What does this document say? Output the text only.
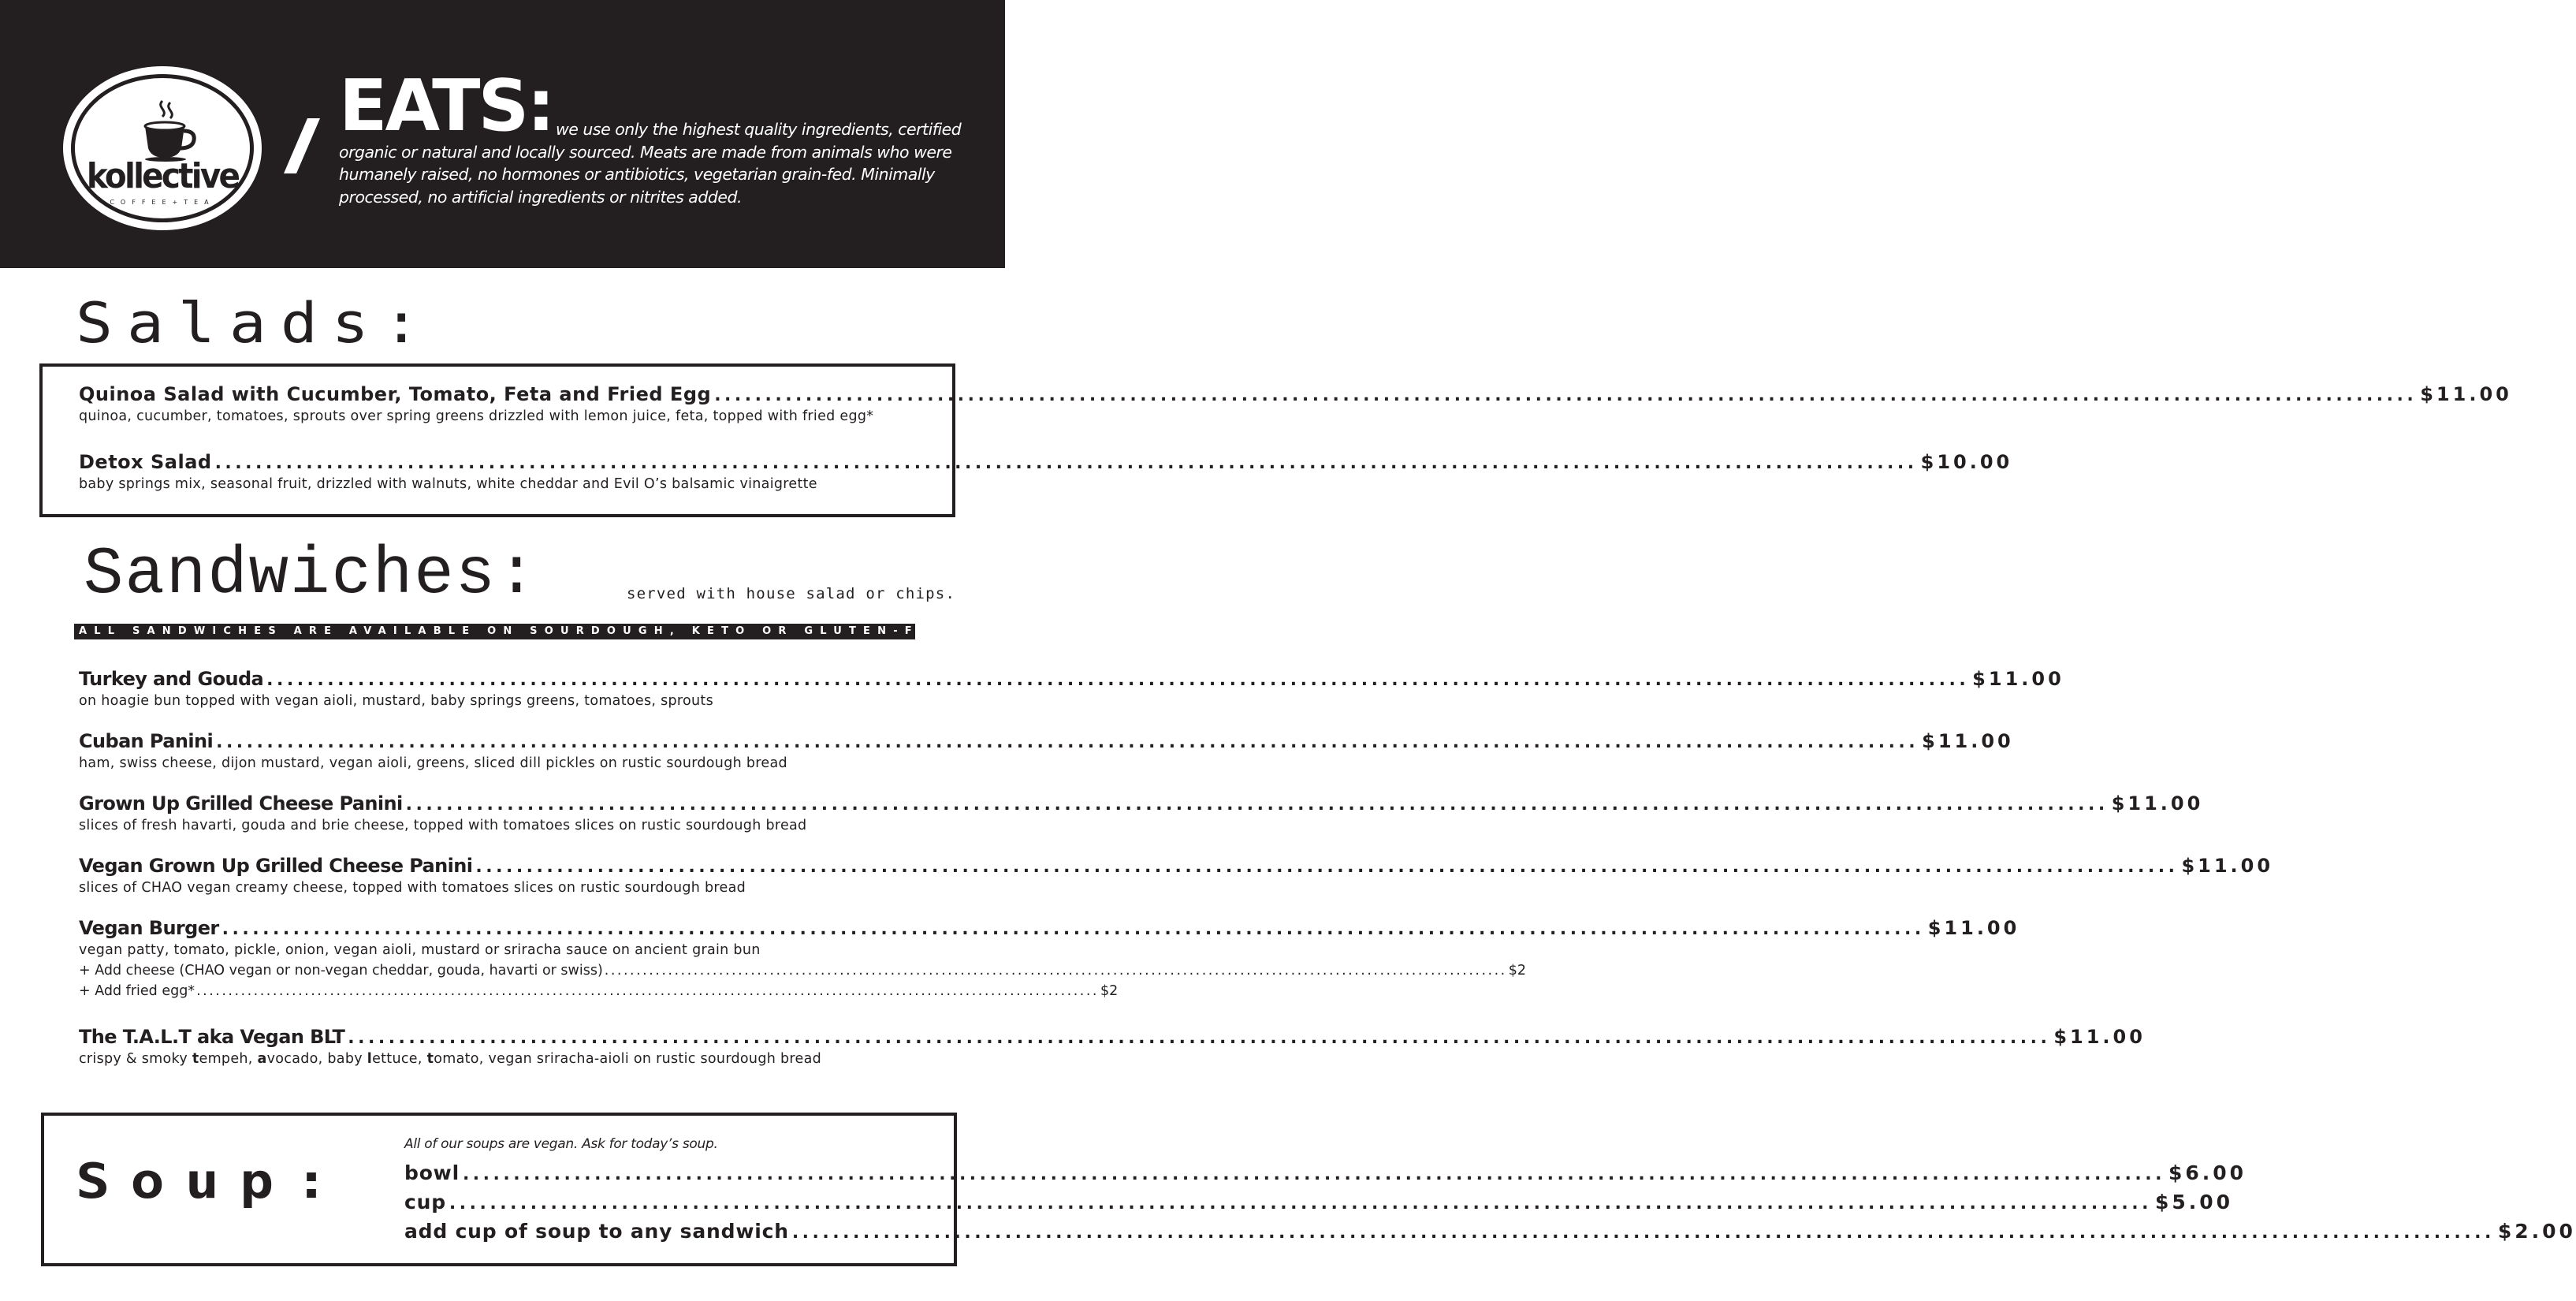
kollective
COFFEE+TEA
EATS: we use only the highest quality ingredients, certified organic or natural and locally sourced. Meats are made from animals who were humanely raised, no hormones or antibiotics, vegetarian grain-fed. Minimally processed, no artificial ingredients or nitrites added.
Salads:
Quinoa Salad with Cucumber, Tomato, Feta and Fried Egg .....	$11.00
quinoa, cucumber, tomatoes, sprouts over spring greens drizzled with lemon juice, feta, topped with fried egg*
Detox Salad .....	$10.00
baby springs mix, seasonal fruit, drizzled with walnuts, white cheddar and Evil O’s balsamic vinaigrette
Sandwiches:	served with house salad or chips.
ALL SANDWICHES ARE AVAILABLE ON SOURDOUGH, KETO OR GLUTEN-FREE BREAD.
Turkey and Gouda .....	$11.00
on hoagie bun topped with vegan aioli, mustard, baby springs greens, tomatoes, sprouts
Cuban Panini .....	$11.00
ham, swiss cheese, dijon mustard, vegan aioli, greens, sliced dill pickles on rustic sourdough bread
Grown Up Grilled Cheese Panini .....	$11.00
slices of fresh havarti, gouda and brie cheese, topped with tomatoes slices on rustic sourdough bread
Vegan Grown Up Grilled Cheese Panini .....	$11.00
slices of CHAO vegan creamy cheese, topped with tomatoes slices on rustic sourdough bread
Vegan Burger .....	$11.00
vegan patty, tomato, pickle, onion, vegan aioli, mustard or sriracha sauce on ancient grain bun
+ Add cheese (CHAO vegan or non-vegan cheddar, gouda, havarti or swiss) .....	$2
+ Add fried egg* .....	$2
The T.A.L.T aka Vegan BLT .....	$11.00
crispy & smoky tempeh, avocado, baby lettuce, tomato, vegan sriracha-aioli on rustic sourdough bread
Soup:
All of our soups are vegan. Ask for today’s soup.
bowl .....	$6.00
cup .....	$5.00
add cup of soup to any sandwich .....	$2.00
